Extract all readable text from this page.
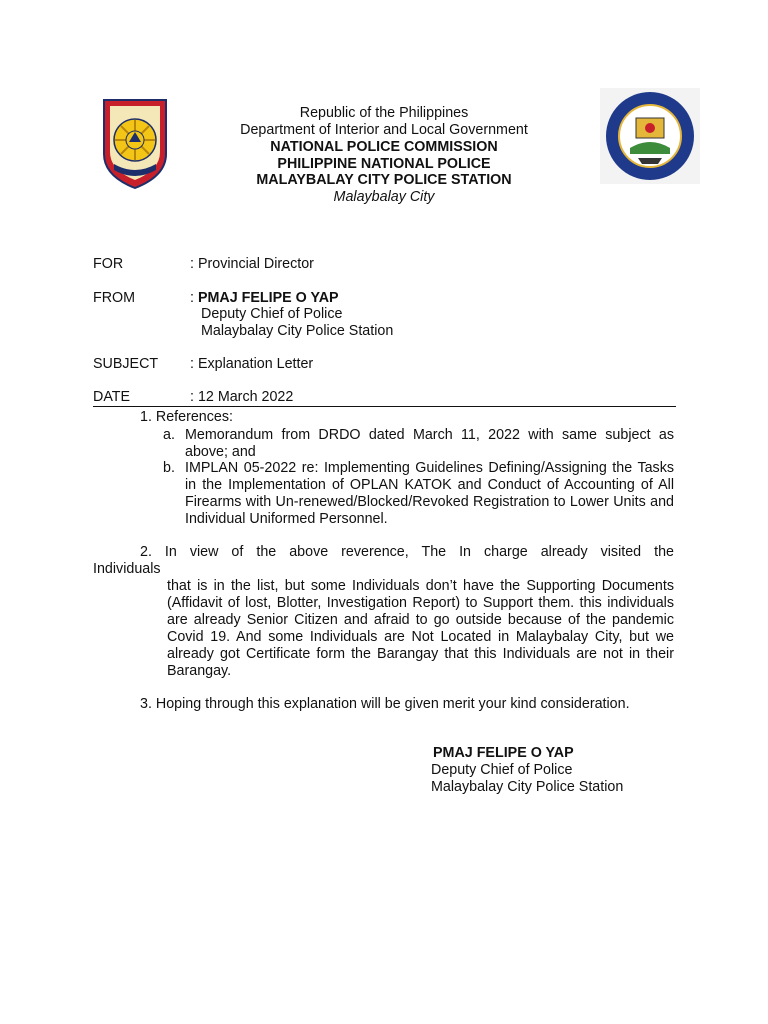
Republic of the Philippines
Department of Interior and Local Government
NATIONAL POLICE COMMISSION
PHILIPPINE NATIONAL POLICE
MALAYBALAY CITY POLICE STATION
Malaybalay City
FOR	: Provincial Director
FROM	: PMAJ FELIPE O YAP
Deputy Chief of Police
Malaybalay City Police Station
SUBJECT : Explanation Letter
DATE	: 12 March 2022
1. References:
a. Memorandum from DRDO dated March 11, 2022 with same subject as above; and
b. IMPLAN 05-2022 re: Implementing Guidelines Defining/Assigning the Tasks in the Implementation of OPLAN KATOK and Conduct of Accounting of All Firearms with Un-renewed/Blocked/Revoked Registration to Lower Units and Individual Uniformed Personnel.
2. In view of the above reverence, The In charge already visited the
Individuals
that is in the list, but some Individuals don’t have the Supporting Documents (Affidavit of lost, Blotter, Investigation Report) to Support them. this individuals are already Senior Citizen and afraid to go outside because of the pandemic Covid 19. And some Individuals are Not Located in Malaybalay City, but we already got Certificate form the Barangay that this Individuals are not in their Barangay.
3. Hoping through this explanation will be given merit your kind consideration.
PMAJ FELIPE O YAP
Deputy Chief of Police
Malaybalay City Police Station
